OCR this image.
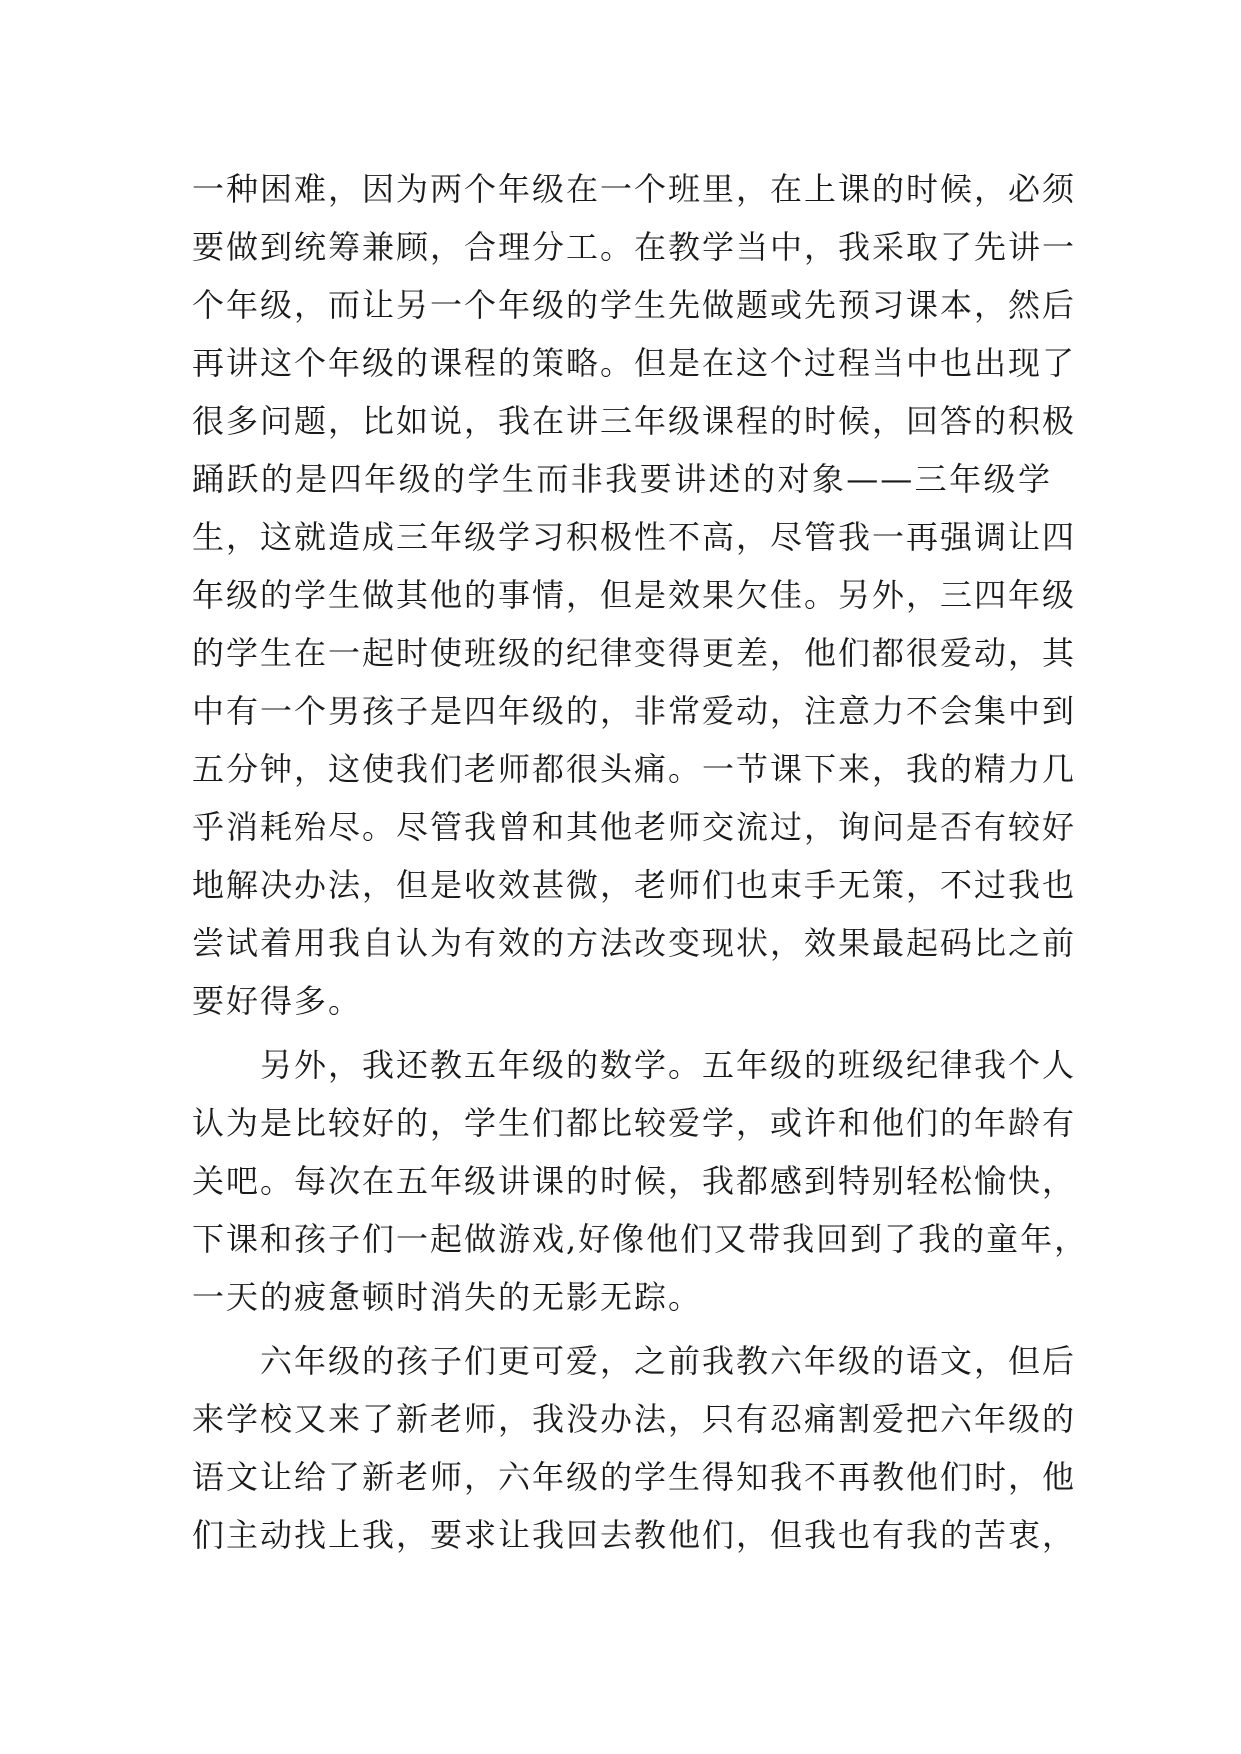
一种困难，因为两个年级在一个班里，在上课的时候，必须
要做到统筹兼顾，合理分工。在教学当中，我采取了先讲一
个年级，而让另一个年级的学生先做题或先预习课本，然后
再讲这个年级的课程的策略。但是在这个过程当中也出现了
很多问题，比如说，我在讲三年级课程的时候，回答的积极
踊跃的是四年级的学生而非我要讲述的对象——三年级学
生，这就造成三年级学习积极性不高，尽管我一再强调让四
年级的学生做其他的事情，但是效果欠佳。另外，三四年级
的学生在一起时使班级的纪律变得更差，他们都很爱动，其
中有一个男孩子是四年级的，非常爱动，注意力不会集中到
五分钟，这使我们老师都很头痛。一节课下来，我的精力几
乎消耗殆尽。尽管我曾和其他老师交流过，询问是否有较好
地解决办法，但是收效甚微，老师们也束手无策，不过我也
尝试着用我自认为有效的方法改变现状，效果最起码比之前
要好得多。
　　另外，我还教五年级的数学。五年级的班级纪律我个人
认为是比较好的，学生们都比较爱学，或许和他们的年龄有
关吧。每次在五年级讲课的时候，我都感到特别轻松愉快，
下课和孩子们一起做游戏,好像他们又带我回到了我的童年，
一天的疲惫顿时消失的无影无踪。
　　六年级的孩子们更可爱，之前我教六年级的语文，但后
来学校又来了新老师，我没办法，只有忍痛割爱把六年级的
语文让给了新老师，六年级的学生得知我不再教他们时，他
们主动找上我，要求让我回去教他们，但我也有我的苦衷，
